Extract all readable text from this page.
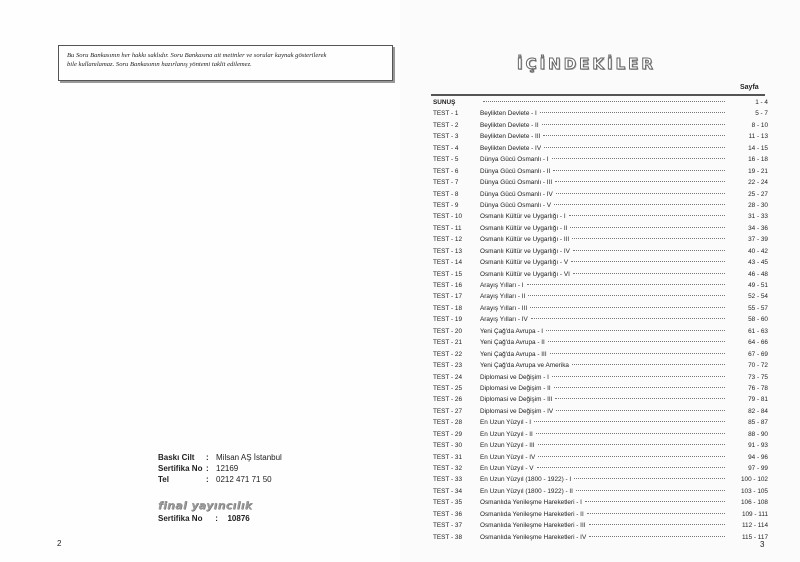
Bu Soru Bankasının her hakkı saklıdır. Soru Bankasına ait metinler ve sorular kaynak gösterilerek
bile kullanılamaz. Soru Bankasının hazırlanış yöntemi taklit edilemez.
Baskı Cilt	: Milsan AŞ İstanbul
Sertifika No : 12169
Tel	: 0212 471 71 50
final yayıncılık
Sertifika No : 10876
2
İÇİNDEKİLER
Sayfa
SUNUŞ	1 - 4
TEST - 1	Beylikten Devlete - I	5 - 7
TEST - 2	Beylikten Devlete - II	8 - 10
TEST - 3	Beylikten Devlete - III	11 - 13
TEST - 4	Beylikten Devlete - IV	14 - 15
TEST - 5	Dünya Gücü Osmanlı - I	16 - 18
TEST - 6	Dünya Gücü Osmanlı - II	19 - 21
TEST - 7	Dünya Gücü Osmanlı - III	22 - 24
TEST - 8	Dünya Gücü Osmanlı - IV	25 - 27
TEST - 9	Dünya Gücü Osmanlı - V	28 - 30
TEST - 10	Osmanlı Kültür ve Uygarlığı - I	31 - 33
TEST - 11	Osmanlı Kültür ve Uygarlığı - II	34 - 36
TEST - 12	Osmanlı Kültür ve Uygarlığı - III	37 - 39
TEST - 13	Osmanlı Kültür ve Uygarlığı - IV	40 - 42
TEST - 14	Osmanlı Kültür ve Uygarlığı - V	43 - 45
TEST - 15	Osmanlı Kültür ve Uygarlığı - VI	46 - 48
TEST - 16	Arayış Yılları - I	49 - 51
TEST - 17	Arayış Yılları - II	52 - 54
TEST - 18	Arayış Yılları - III	55 - 57
TEST - 19	Arayış Yılları - IV	58 - 60
TEST - 20	Yeni Çağ'da Avrupa - I	61 - 63
TEST - 21	Yeni Çağ'da Avrupa - II	64 - 66
TEST - 22	Yeni Çağ'da Avrupa - III	67 - 69
TEST - 23	Yeni Çağ'da Avrupa ve Amerika	70 - 72
TEST - 24	Diplomasi ve Değişim - I	73 - 75
TEST - 25	Diplomasi ve Değişim - II	76 - 78
TEST - 26	Diplomasi ve Değişim - III	79 - 81
TEST - 27	Diplomasi ve Değişim - IV	82 - 84
TEST - 28	En Uzun Yüzyıl - I	85 - 87
TEST - 29	En Uzun Yüzyıl - II	88 - 90
TEST - 30	En Uzun Yüzyıl - III	91 - 93
TEST - 31	En Uzun Yüzyıl - IV	94 - 96
TEST - 32	En Uzun Yüzyıl - V	97 - 99
TEST - 33	En Uzun Yüzyıl (1800 - 1922) - I	100 - 102
TEST - 34	En Uzun Yüzyıl (1800 - 1922) - II	103 - 105
TEST - 35	Osmanlıda Yenileşme Hareketleri - I	106 - 108
TEST - 36	Osmanlıda Yenileşme Hareketleri - II	109 - 111
TEST - 37	Osmanlıda Yenileşme Hareketleri - III	112 - 114
TEST - 38	Osmanlıda Yenileşme Hareketleri - IV	115 - 117
3
